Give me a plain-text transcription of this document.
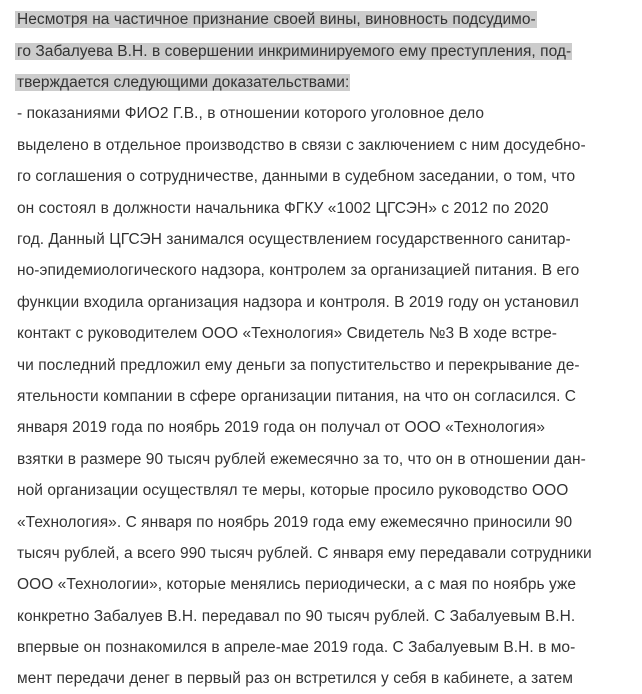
Несмотря на частичное признание своей вины, виновность подсудимо-
го Забалуева В.Н. в совершении инкриминируемого ему преступления, под-
тверждается следующими доказательствами:
- показаниями ФИО2 Г.В., в отношении которого уголовное дело
выделено в отдельное производство в связи с заключением с ним досудебно-
го соглашения о сотрудничестве, данными в судебном заседании, о том, что
он состоял в должности начальника ФГКУ «1002 ЦГСЭН» с 2012 по 2020
год. Данный ЦГСЭН занимался осуществлением государственного санитар-
но-эпидемиологического надзора, контролем за организацией питания. В его
функции входила организация надзора и контроля. В 2019 году он установил
контакт с руководителем ООО «Технология» Свидетель №3 В ходе встре-
чи последний предложил ему деньги за попустительство и перекрывание де-
ятельности компании в сфере организации питания, на что он согласился. С
января 2019 года по ноябрь 2019 года он получал от ООО «Технология»
взятки в размере 90 тысяч рублей ежемесячно за то, что он в отношении дан-
ной организации осуществлял те меры, которые просило руководство ООО
«Технология». С января по ноябрь 2019 года ему ежемесячно приносили 90
тысяч рублей, а всего 990 тысяч рублей. С января ему передавали сотрудники
ООО «Технологии», которые менялись периодически, а с мая по ноябрь уже
конкретно Забалуев В.Н. передавал по 90 тысяч рублей. С Забалуевым В.Н.
впервые он познакомился в апреле-мае 2019 года. С Забалуевым В.Н. в мо-
мент передачи денег в первый раз он встретился у себя в кабинете, а затем
